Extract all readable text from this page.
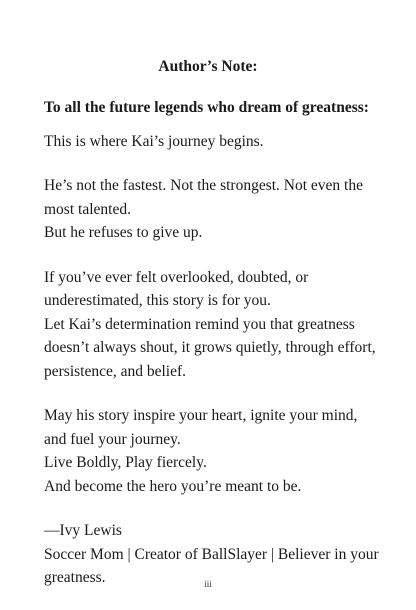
Author’s Note:
To all the future legends who dream of greatness:

This is where Kai’s journey begins.

He’s not the fastest. Not the strongest. Not even the most talented.
But he refuses to give up.

If you’ve ever felt overlooked, doubted, or underestimated, this story is for you.
Let Kai’s determination remind you that greatness doesn’t always shout, it grows quietly, through effort, persistence, and belief.

May his story inspire your heart, ignite your mind, and fuel your journey.
Live Boldly, Play fiercely.
And become the hero you’re meant to be.

—Ivy Lewis
Soccer Mom | Creator of BallSlayer | Believer in your greatness.	iii
